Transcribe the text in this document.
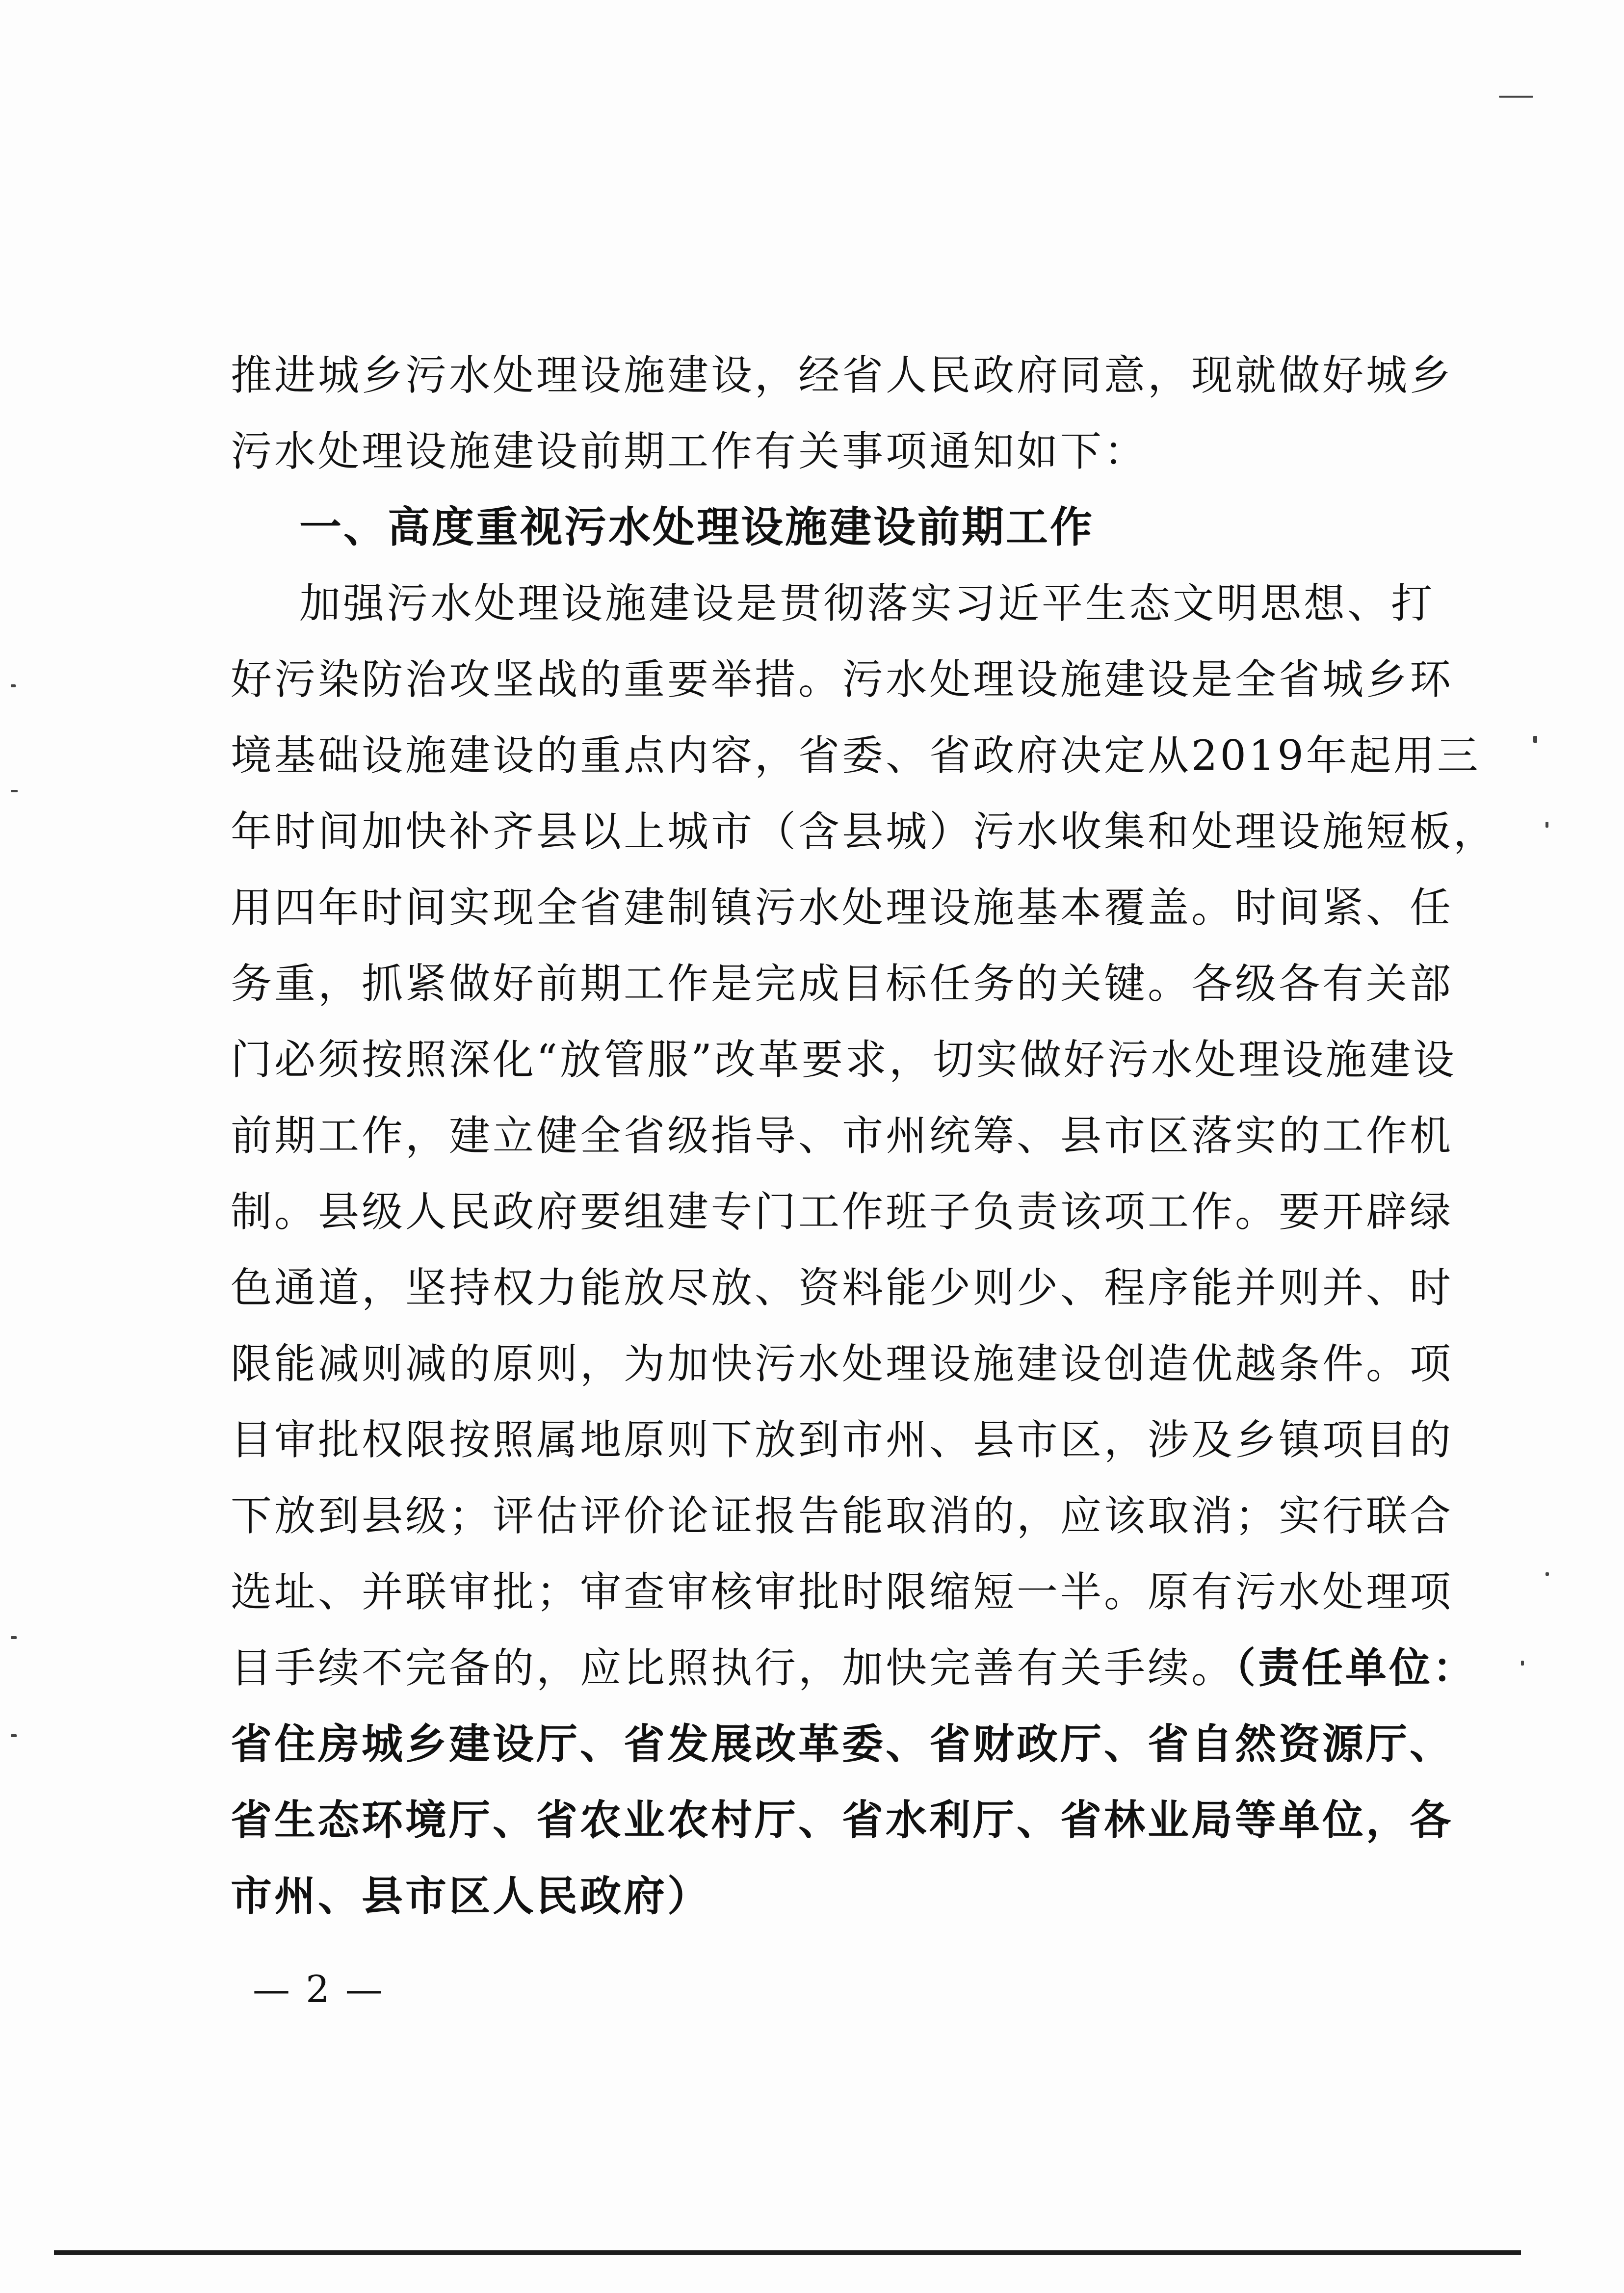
推进城乡污水处理设施建设，经省人民政府同意，现就做好城乡
污水处理设施建设前期工作有关事项通知如下：
一、高度重视污水处理设施建设前期工作
加强污水处理设施建设是贯彻落实习近平生态文明思想、打
好污染防治攻坚战的重要举措。污水处理设施建设是全省城乡环
境基础设施建设的重点内容，省委、省政府决定从2019年起用三
年时间加快补齐县以上城市（含县城）污水收集和处理设施短板，
用四年时间实现全省建制镇污水处理设施基本覆盖。时间紧、任
务重，抓紧做好前期工作是完成目标任务的关键。各级各有关部
门必须按照深化“放管服”改革要求，切实做好污水处理设施建设
前期工作，建立健全省级指导、市州统筹、县市区落实的工作机
制。县级人民政府要组建专门工作班子负责该项工作。要开辟绿
色通道，坚持权力能放尽放、资料能少则少、程序能并则并、时
限能减则减的原则，为加快污水处理设施建设创造优越条件。项
目审批权限按照属地原则下放到市州、县市区，涉及乡镇项目的
下放到县级；评估评价论证报告能取消的，应该取消；实行联合
选址、并联审批；审查审核审批时限缩短一半。原有污水处理项
目手续不完备的，应比照执行，加快完善有关手续。（责任单位：
省住房城乡建设厅、省发展改革委、省财政厅、省自然资源厅、
省生态环境厅、省农业农村厅、省水利厅、省林业局等单位，各
市州、县市区人民政府）
— 2 —
